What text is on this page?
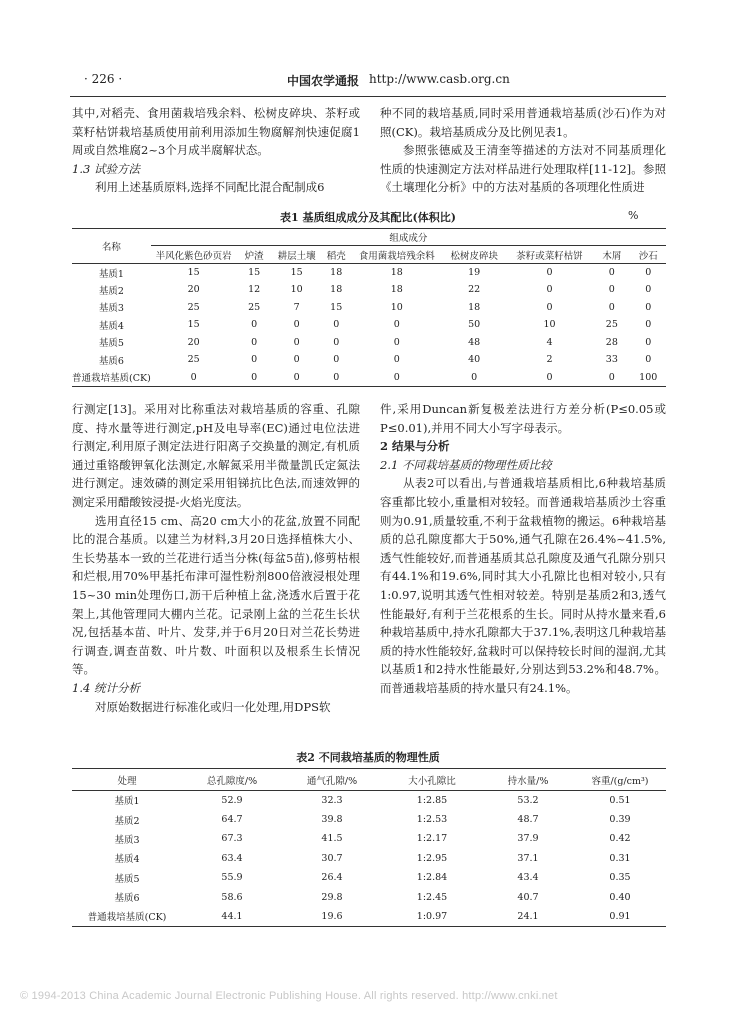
· 226 ·	中国农学通报 http://www.casb.org.cn

其中,对稻壳、食用菌栽培残余料、松树皮碎块、茶籽或菜籽枯饼栽培基质使用前利用添加生物腐解剂快速促腐1周或自然堆腐2~3个月成半腐解状态。

1.3 试验方法

利用上述基质原料,选择不同配比混合配制成6

种不同的栽培基质,同时采用普通栽培基质(沙石)作为对照(CK)。栽培基质成分及比例见表1。

参照张德威及王清奎等描述的方法对不同基质理化性质的快速测定方法对样品进行处理取样[11-12]。参照《土壤理化分析》中的方法对基质的各项理化性质进

表1 基质组成成分及其配比(体积比)	%
名称	组成成分								
	半风化紫色砂页岩	炉渣	耕层土壤	稻壳	食用菌栽培残余料	松树皮碎块	茶籽或菜籽枯饼	木屑	沙石
基质1	15	15	15	18	18	19	0	0	0
基质2	20	12	10	18	18	22	0	0	0
基质3	25	25	7	15	10	18	0	0	0
基质4	15	0	0	0	0	50	10	25	0
基质5	20	0	0	0	0	48	4	28	0
基质6	25	0	0	0	0	40	2	33	0
普通栽培基质(CK)	0	0	0	0	0	0	0	0	100

行测定[13]。采用对比称重法对栽培基质的容重、孔隙度、持水量等进行测定,pH及电导率(EC)通过电位法进行测定,利用原子测定法进行阳离子交换量的测定,有机质通过重铬酸钾氧化法测定,水解氮采用半微量凯氏定氮法进行测定。速效磷的测定采用钼锑抗比色法,而速效钾的测定采用醋酸铵浸提-火焰光度法。

选用直径15 cm、高20 cm大小的花盆,放置不同配比的混合基质。以建兰为材料,3月20日选择植株大小、生长势基本一致的兰花进行适当分株(每盆5苗),修剪枯根和烂根,用70%甲基托布津可湿性粉剂800倍液浸根处理15~30 min处理伤口,沥干后种植上盆,浇透水后置于花架上,其他管理同大棚内兰花。记录刚上盆的兰花生长状况,包括基本苗、叶片、发芽,并于6月20日对兰花长势进行调查,调查苗数、叶片数、叶面积以及根系生长情况等。

1.4 统计分析

对原始数据进行标准化或归一化处理,用DPS软

件,采用Duncan新复极差法进行方差分析(P≤0.05或P≤0.01),并用不同大小写字母表示。

2 结果与分析

2.1 不同栽培基质的物理性质比较

从表2可以看出,与普通栽培基质相比,6种栽培基质容重都比较小,重量相对较轻。而普通栽培基质沙土容重则为0.91,质量较重,不利于盆栽植物的搬运。6种栽培基质的总孔隙度都大于50%,通气孔隙在26.4%~41.5%,透气性能较好,而普通基质其总孔隙度及通气孔隙分别只有44.1%和19.6%,同时其大小孔隙比也相对较小,只有1:0.97,说明其透气性相对较差。特别是基质2和3,透气性能最好,有利于兰花根系的生长。同时从持水量来看,6种栽培基质中,持水孔隙都大于37.1%,表明这几种栽培基质的持水性能较好,盆栽时可以保持较长时间的湿润,尤其以基质1和2持水性能最好,分别达到53.2%和48.7%。而普通栽培基质的持水量只有24.1%。

表2 不同栽培基质的物理性质
处理	总孔隙度/%	通气孔隙/%	大小孔隙比	持水量/%	容重/(g/cm³)
基质1	52.9	32.3	1:2.85	53.2	0.51
基质2	64.7	39.8	1:2.53	48.7	0.39
基质3	67.3	41.5	1:2.17	37.9	0.42
基质4	63.4	30.7	1:2.95	37.1	0.31
基质5	55.9	26.4	1:2.84	43.4	0.35
基质6	58.6	29.8	1:2.45	40.7	0.40
普通栽培基质(CK)	44.1	19.6	1:0.97	24.1	0.91
© 1994-2013 China Academic Journal Electronic Publishing House. All rights reserved. http://www.cnki.net
